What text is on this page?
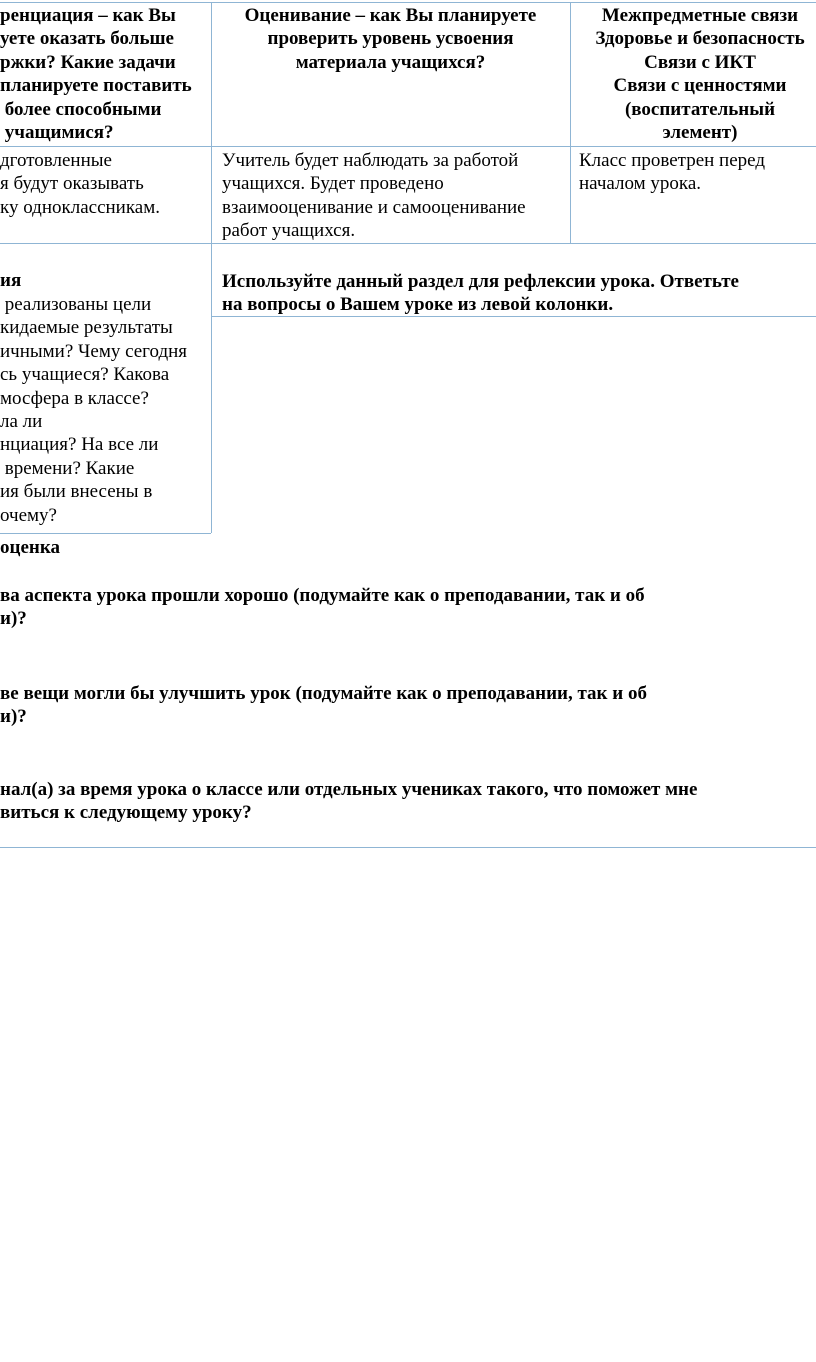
ренциация – как Вы
уете оказать больше
ржки? Какие задачи
планируете поставить
более способными
учащимися?
Оценивание – как Вы планируете
проверить уровень усвоения
материала учащихся?
Межпредметные связи
Здоровье и безопасность
Связи с ИКТ
Связи с ценностями
(воспитательный
элемент)
дготовленные
я будут оказывать
ку одноклассникам.
Учитель будет наблюдать за работой
учащихся. Будет проведено
взаимооценивание и самооценивание
работ учащихся.
Класс проветрен перед
началом урока.
ия
реализованы цели
кидаемые результаты
ичными? Чему сегодня
сь учащиеся? Какова
мосфера в классе?
ла ли
нциация? На все ли
времени? Какие
ия были внесены в
очему?
Используйте данный раздел для рефлексии урока. Ответьте
на вопросы о Вашем уроке из левой колонки.
оценка
ва аспекта урока прошли хорошо (подумайте как о преподавании, так и об
и)?
ве вещи могли бы улучшить урок (подумайте как о преподавании, так и об
и)?
нал(а) за время урока о классе или отдельных учениках такого, что поможет мне
виться к следующему уроку?
